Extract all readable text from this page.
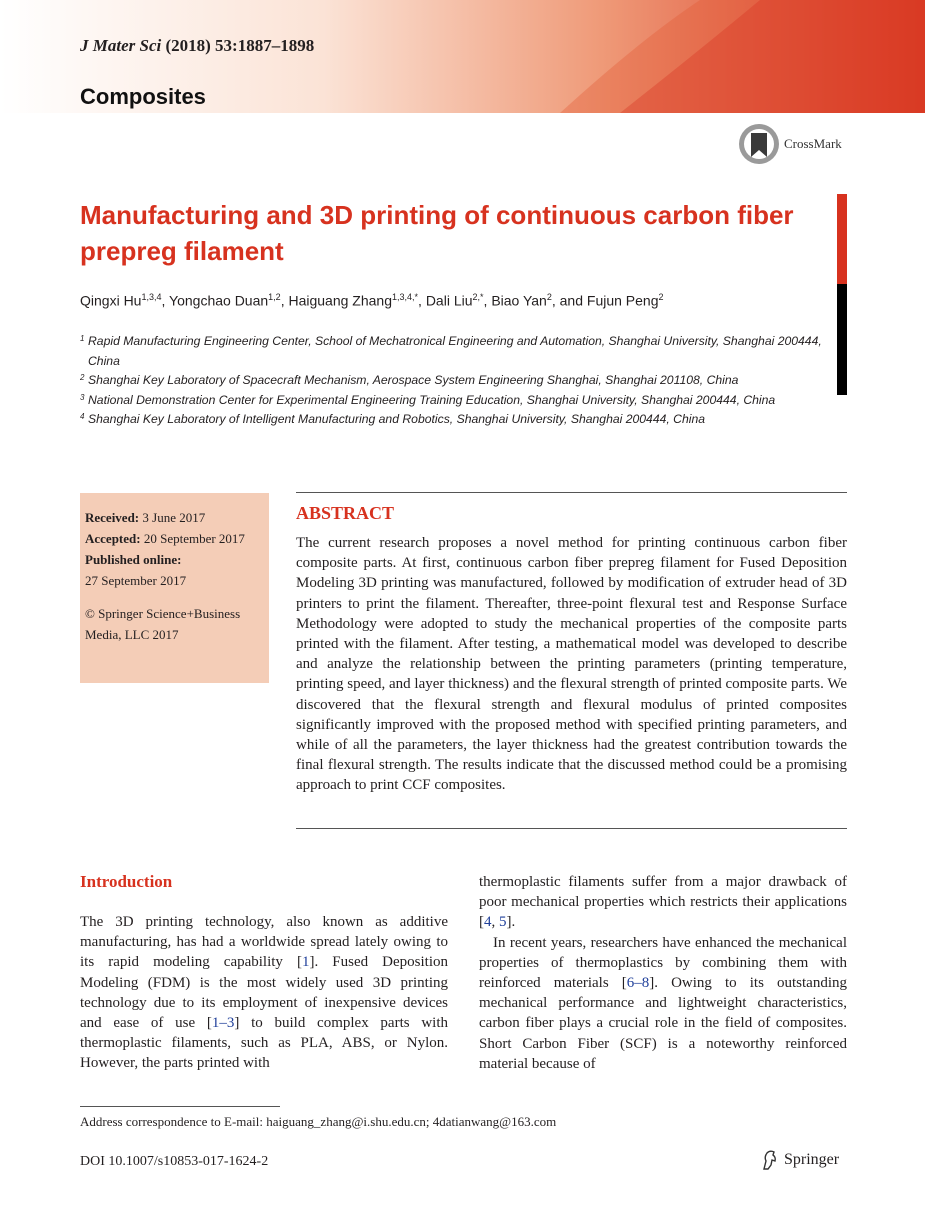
J Mater Sci (2018) 53:1887–1898
Composites
CrossMark
Manufacturing and 3D printing of continuous carbon fiber prepreg filament
Qingxi Hu$^{1,3,4}$, Yongchao Duan$^{1,2}$, Haiguang Zhang$^{1,3,4,*}$, Dali Liu$^{2,*}$, Biao Yan$^2$, and Fujun Peng$^2$
1 Rapid Manufacturing Engineering Center, School of Mechatronical Engineering and Automation, Shanghai University, Shanghai 200444, China
2 Shanghai Key Laboratory of Spacecraft Mechanism, Aerospace System Engineering Shanghai, Shanghai 201108, China
3 National Demonstration Center for Experimental Engineering Training Education, Shanghai University, Shanghai 200444, China
4 Shanghai Key Laboratory of Intelligent Manufacturing and Robotics, Shanghai University, Shanghai 200444, China
Received: 3 June 2017
Accepted: 20 September 2017
Published online:
27 September 2017
© Springer Science+Business Media, LLC 2017
ABSTRACT
The current research proposes a novel method for printing continuous carbon fiber composite parts. At first, continuous carbon fiber prepreg filament for Fused Deposition Modeling 3D printing was manufactured, followed by modification of extruder head of 3D printers to print the filament. Thereafter, three-point flexural test and Response Surface Methodology were adopted to study the mechanical properties of the composite parts printed with the filament. After testing, a mathematical model was developed to describe and analyze the relationship between the printing parameters (printing temperature, printing speed, and layer thickness) and the flexural strength of printed composite parts. We discovered that the flexural strength and flexural modulus of printed composites significantly improved with the proposed method with specified printing parameters, and while of all the parameters, the layer thickness had the greatest contribution towards the final flexural strength. The results indicate that the discussed method could be a promising approach to print CCF composites.
Introduction
The 3D printing technology, also known as additive manufacturing, has had a worldwide spread lately owing to its rapid modeling capability [1]. Fused Deposition Modeling (FDM) is the most widely used 3D printing technology due to its employment of inexpensive devices and ease of use [1–3] to build complex parts with thermoplastic filaments, such as PLA, ABS, or Nylon. However, the parts printed with
thermoplastic filaments suffer from a major drawback of poor mechanical properties which restricts their applications [4, 5].
In recent years, researchers have enhanced the mechanical properties of thermoplastics by combining them with reinforced materials [6–8]. Owing to its outstanding mechanical performance and lightweight characteristics, carbon fiber plays a crucial role in the field of composites. Short Carbon Fiber (SCF) is a noteworthy reinforced material because of
Address correspondence to E-mail: haiguang_zhang@i.shu.edu.cn; 4datianwang@163.com
DOI 10.1007/s10853-017-1624-2	Springer
